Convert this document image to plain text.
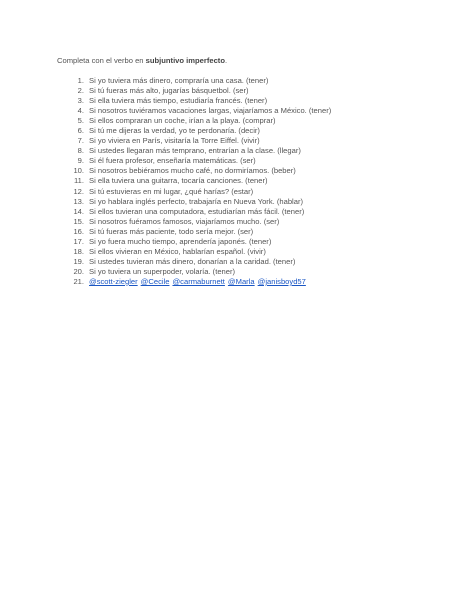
Completa con el verbo en subjuntivo imperfecto.
1. Si yo tuviera más dinero, compraría una casa. (tener)
2. Si tú fueras más alto, jugarías básquetbol. (ser)
3. Si ella tuviera más tiempo, estudiaría francés. (tener)
4. Si nosotros tuviéramos vacaciones largas, viajaríamos a México. (tener)
5. Si ellos compraran un coche, irían a la playa. (comprar)
6. Si tú me dijeras la verdad, yo te perdonaría. (decir)
7. Si yo viviera en París, visitaría la Torre Eiffel. (vivir)
8. Si ustedes llegaran más temprano, entrarían a la clase. (llegar)
9. Si él fuera profesor, enseñaría matemáticas. (ser)
10. Si nosotros bebiéramos mucho café, no dormiríamos. (beber)
11. Si ella tuviera una guitarra, tocaría canciones. (tener)
12. Si tú estuvieras en mi lugar, ¿qué harías? (estar)
13. Si yo hablara inglés perfecto, trabajaría en Nueva York. (hablar)
14. Si ellos tuvieran una computadora, estudiarían más fácil. (tener)
15. Si nosotros fuéramos famosos, viajaríamos mucho. (ser)
16. Si tú fueras más paciente, todo sería mejor. (ser)
17. Si yo fuera mucho tiempo, aprendería japonés. (tener)
18. Si ellos vivieran en México, hablarían español. (vivir)
19. Si ustedes tuvieran más dinero, donarían a la caridad. (tener)
20. Si yo tuviera un superpoder, volaría. (tener)
21. @scott-ziegler @Cecile @carmaburnett @Marla @janisboyd57
